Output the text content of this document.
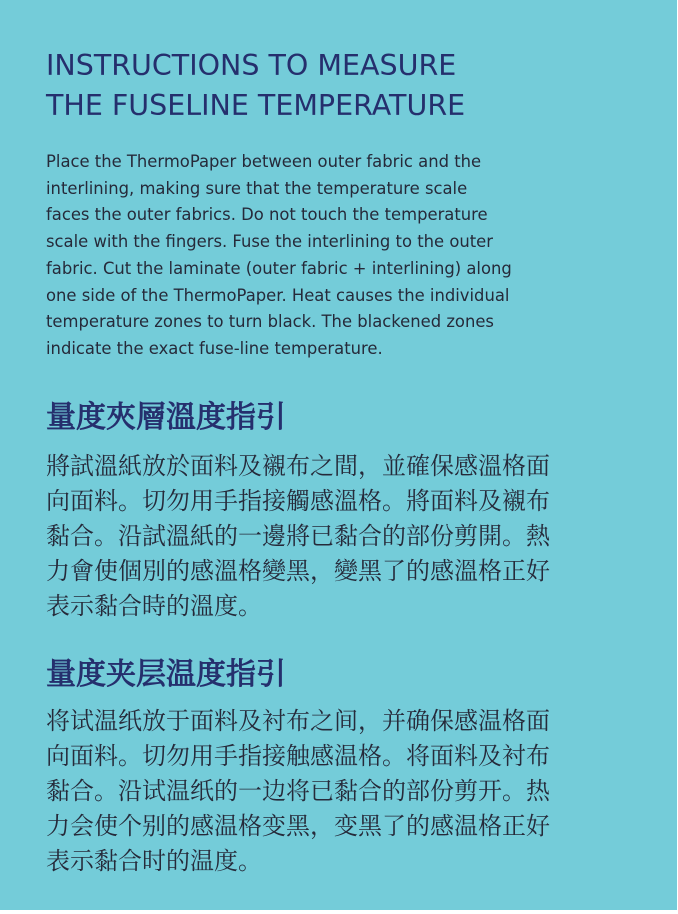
INSTRUCTIONS TO MEASURE
THE FUSELINE TEMPERATURE

Place the ThermoPaper between outer fabric and the
interlining, making sure that the temperature scale
faces the outer fabrics. Do not touch the temperature
scale with the fingers. Fuse the interlining to the outer
fabric. Cut the laminate (outer fabric + interlining) along
one side of the ThermoPaper. Heat causes the individual
temperature zones to turn black. The blackened zones
indicate the exact fuse-line temperature.

量度夾層溫度指引

將試溫紙放於面料及襯布之間，並確保感溫格面
向面料。切勿用手指接觸感溫格。將面料及襯布
黏合。沿試溫紙的一邊將已黏合的部份剪開。熱
力會使個別的感溫格變黑，變黑了的感溫格正好
表示黏合時的溫度。

量度夹层温度指引

将试温纸放于面料及衬布之间，并确保感温格面
向面料。切勿用手指接触感温格。将面料及衬布
黏合。沿试温纸的一边将已黏合的部份剪开。热
力会使个别的感温格变黑，变黑了的感温格正好
表示黏合时的温度。
